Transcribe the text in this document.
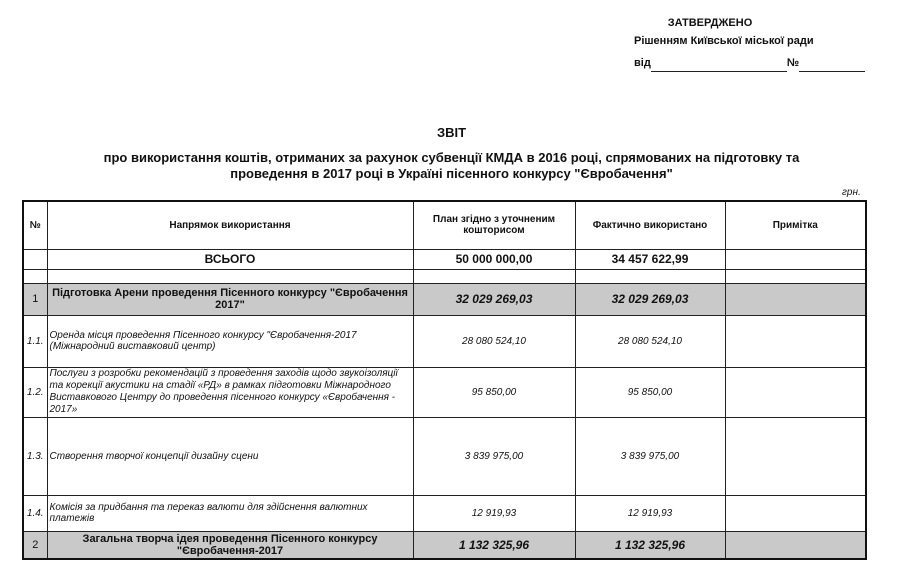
ЗАТВЕРДЖЕНО
Рішенням Київської міської ради
від	№
ЗВІТ
про використання коштів, отриманих за рахунок субвенції КМДА в 2016 році, спрямованих на підготовку та
проведення в 2017 році в Україні пісенного конкурсу "Євробачення"
грн.
№	Напрямок використання	План згідно з уточненим кошторисом	Фактично використано	Примітка
	ВСЬОГО	50 000 000,00	34 457 622,99	

1	Підготовка Арени проведення Пісенного конкурсу "Євробачення 2017"	32 029 269,03	32 029 269,03	
1.1.	Оренда місця проведення Пісенного конкурсу "Євробачення-2017 (Міжнародний виставковий центр)	28 080 524,10	28 080 524,10	
1.2.	Послуги з розробки рекомендацій з проведення заходів щодо звукоізоляції та корекції акустики на стадії «РД» в рамках підготовки Міжнародного Виставкового Центру до проведення пісенного конкурсу «Євробачення - 2017»	95 850,00	95 850,00	
1.3.	Створення творчої концепції дизайну сцени	3 839 975,00	3 839 975,00	
1.4.	Комісія за придбання та переказ валюти для здійснення валютних платежів	12 919,93	12 919,93	
2	Загальна творча ідея проведення Пісенного конкурсу "Євробачення-2017	1 132 325,96	1 132 325,96	
